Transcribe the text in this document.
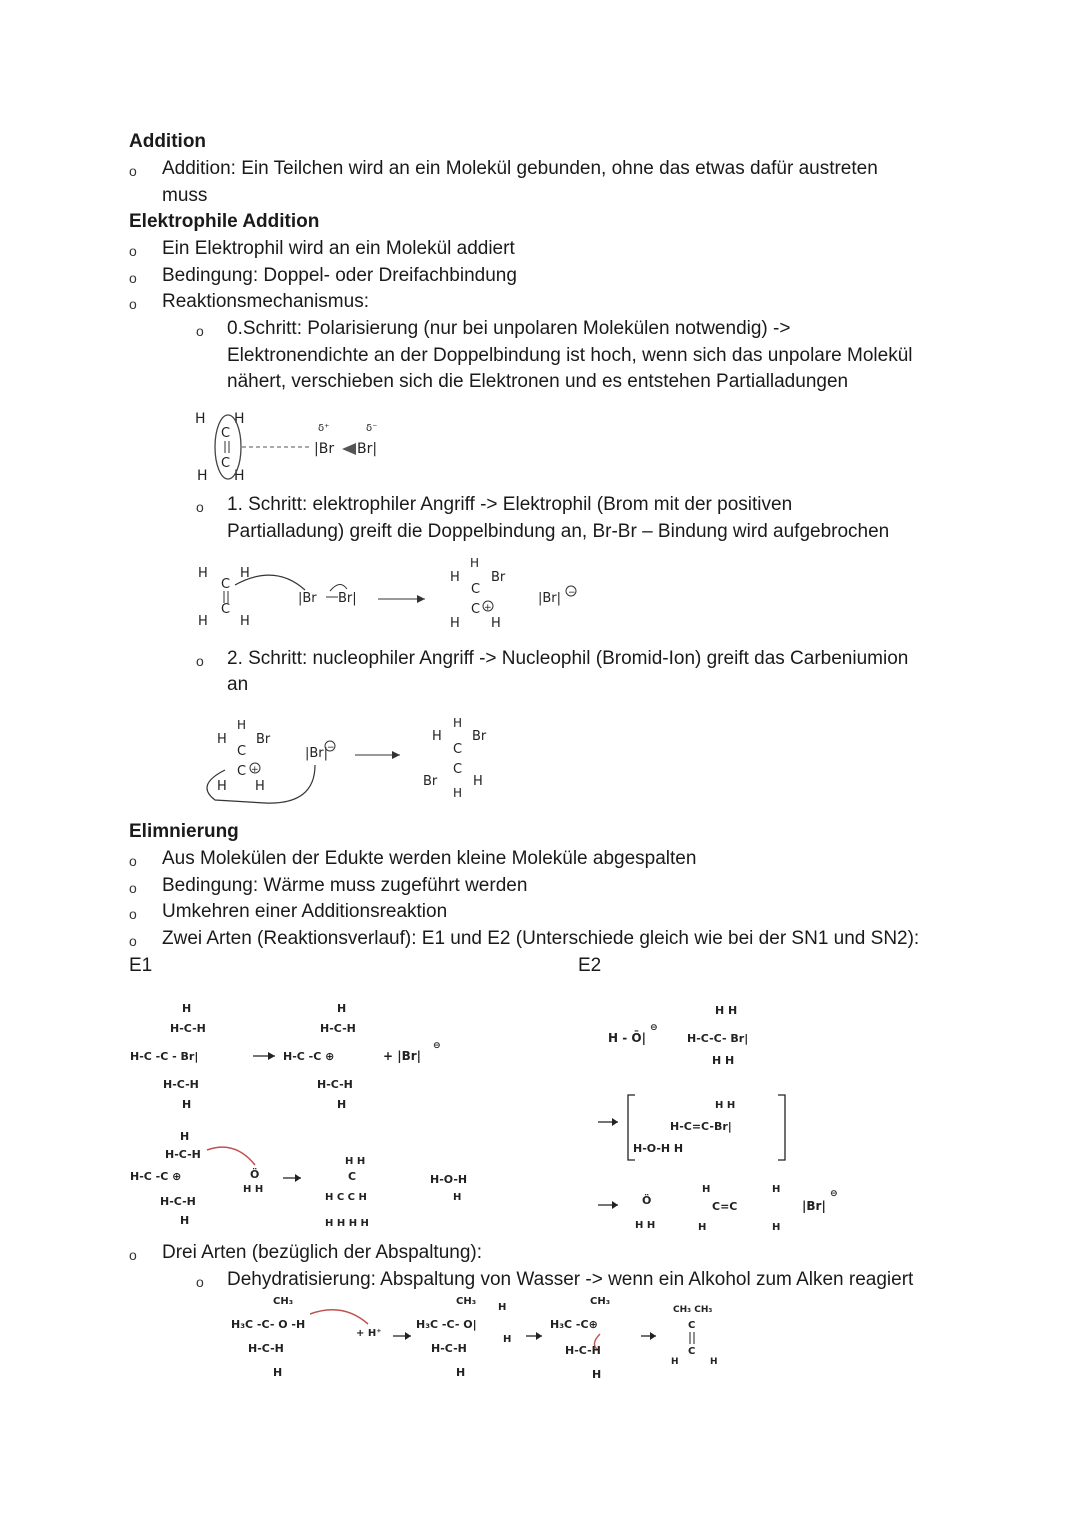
Addition
o Addition: Ein Teilchen wird an ein Molekül gebunden, ohne das etwas dafür austreten
muss
Elektrophile Addition
o Ein Elektrophil wird an ein Molekül addiert
o Bedingung: Doppel- oder Dreifachbindung
o Reaktionsmechanismus:
o 0.Schritt: Polarisierung (nur bei unpolaren Molekülen notwendig) ->
Elektronendichte an der Doppelbindung ist hoch, wenn sich das unpolare Molekül
nähert, verschieben sich die Elektronen und es entstehen Partialladungen
H H
H H
C
C
δ⁺	δ⁻
|Br Br|
o 1. Schritt: elektrophiler Angriff -> Elektrophil (Brom mit der positiven
Partialladung) greift die Doppelbindung an, Br-Br – Bindung wird aufgebrochen
H H
C
C
H H
|Br Br|
H
H Br
C
C +
H H
|Br| −
o 2. Schritt: nucleophiler Angriff -> Nucleophil (Bromid-Ion) greift das Carbeniumion
an
H
H Br
C
C +
H H
|Br|
−
H
H Br
C
C
Br	H
H
Elimnierung
o Aus Molekülen der Edukte werden kleine Moleküle abgespalten
o Bedingung: Wärme muss zugeführt werden
o Umkehren einer Additionsreaktion
o Zwei Arten (Reaktionsverlauf): E1 und E2 (Unterschiede gleich wie bei der SN1 und SN2):
E1	E2
H
H-C-H
H-C -C - Br|
H-C-H
H
H
H-C-H
H-C -C ⊕
H-C-H
H
+ |Br|
⊖
H
H-C-H
H-C -C ⊕
H-C-H
H
Ö
H H
H H
C
H C C H
H H H H
H-O-H
H
H - Ō|
⊖
H H
H-C-C- Br|
H H
H H
H-C=C-Br|
H-O-H H
Ö
H H
H
C=C
H
H	H
|Br|
⊖
o Drei Arten (bezüglich der Abspaltung):
o Dehydratisierung: Abspaltung von Wasser -> wenn ein Alkohol zum Alken reagiert
CH₃
H₃C -C- O -H
H-C-H
H
+ H⁺
CH₃
H
H₃C -C- O|
H
H-C-H
H
CH₃
H₃C -C⊕
H-C-H
H
CH₃ CH₃
C
C
H	H
